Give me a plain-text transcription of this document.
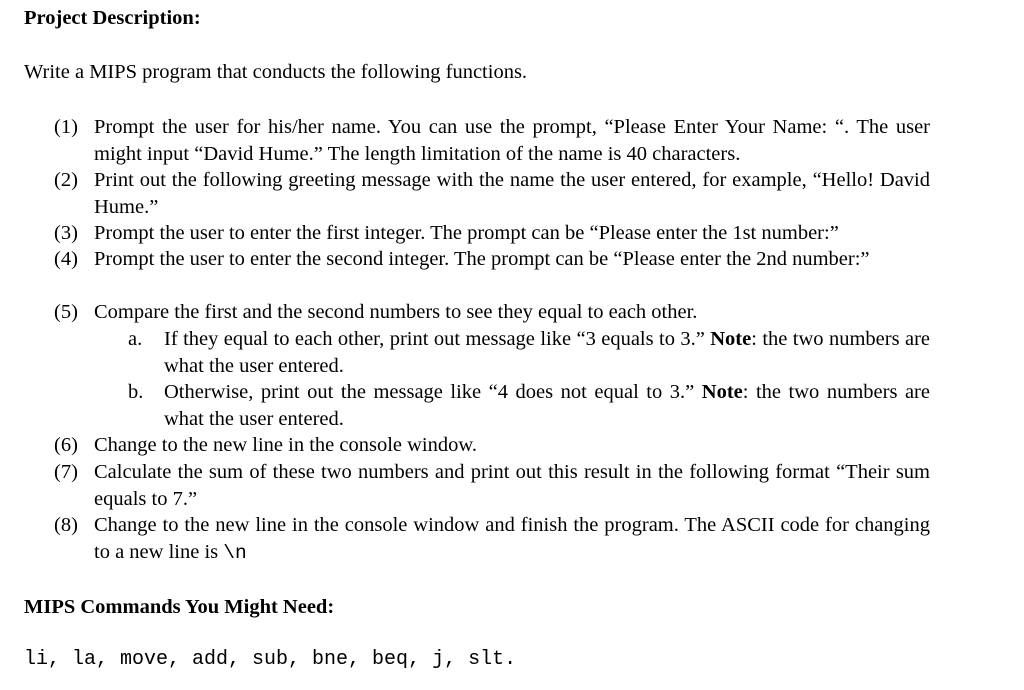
Project Description:
Write a MIPS program that conducts the following functions.
(1) Prompt the user for his/her name. You can use the prompt, “Please Enter Your Name: “. The user might input “David Hume.” The length limitation of the name is 40 characters.
(2) Print out the following greeting message with the name the user entered, for example, “Hello! David Hume.”
(3) Prompt the user to enter the first integer. The prompt can be “Please enter the 1st number:”
(4) Prompt the user to enter the second integer. The prompt can be “Please enter the 2nd number:”
(5) Compare the first and the second numbers to see they equal to each other.
a. If they equal to each other, print out message like “3 equals to 3.” Note: the two numbers are what the user entered.
b. Otherwise, print out the message like “4 does not equal to 3.” Note: the two numbers are what the user entered.
(6) Change to the new line in the console window.
(7) Calculate the sum of these two numbers and print out this result in the following format “Their sum equals to 7.”
(8) Change to the new line in the console window and finish the program. The ASCII code for changing to a new line is \n
MIPS Commands You Might Need:
li, la, move, add, sub, bne, beq, j, slt.
